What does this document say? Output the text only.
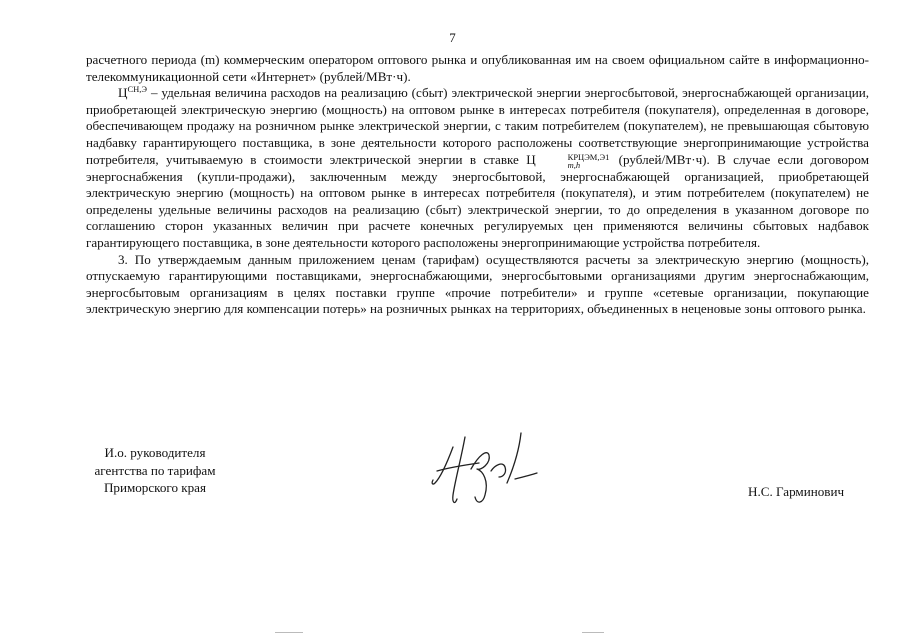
7

расчетного периода (m) коммерческим оператором оптового рынка и опубликованная им на своем официальном сайте в информационно-телекоммуникационной сети «Интернет» (рублей/МВт·ч).

$Ц^{СН,Э}$ – удельная величина расходов на реализацию (сбыт) электрической энергии энергосбытовой, энергоснабжающей организации, приобретающей электрическую энергию (мощность) на оптовом рынке в интересах потребителя (покупателя), определенная в договоре, обеспечивающем продажу на розничном рынке электрической энергии, с таким потребителем (покупателем), не превышающая сбытовую надбавку гарантирующего поставщика, в зоне деятельности которого расположены соответствующие энергопринимающие устройства потребителя, учитываемую в стоимости электрической энергии в ставке Ц	КРЦЭМ,Э1
m,h	(рублей/МВт·ч). В случае если договором энергоснабжения (купли-продажи), заключенным между энергосбытовой, энергоснабжающей организацией, приобретающей электрическую энергию (мощность) на оптовом рынке в интересах потребителя (покупателя), и этим потребителем (покупателем) не определены удельные величины расходов на реализацию (сбыт) электрической энергии, то до определения в указанном договоре по соглашению сторон указанных величин при расчете конечных регулируемых цен применяются величины сбытовых надбавок гарантирующего поставщика, в зоне деятельности которого расположены энергопринимающие устройства потребителя.

3. По утверждаемым данным приложением ценам (тарифам) осуществляются расчеты за электрическую энергию (мощность), отпускаемую гарантирующими поставщиками, энергоснабжающими, энергосбытовыми организациями другим энергоснабжающим, энергосбытовым организациям в целях поставки группе «прочие потребители» и группе «сетевые организации, покупающие электрическую энергию для компенсации потерь» на розничных рынках на территориях, объединенных в неценовые зоны оптового рынка.

И.о. руководителя
агентства по тарифам
Приморского края	Н.С. Гарминович
